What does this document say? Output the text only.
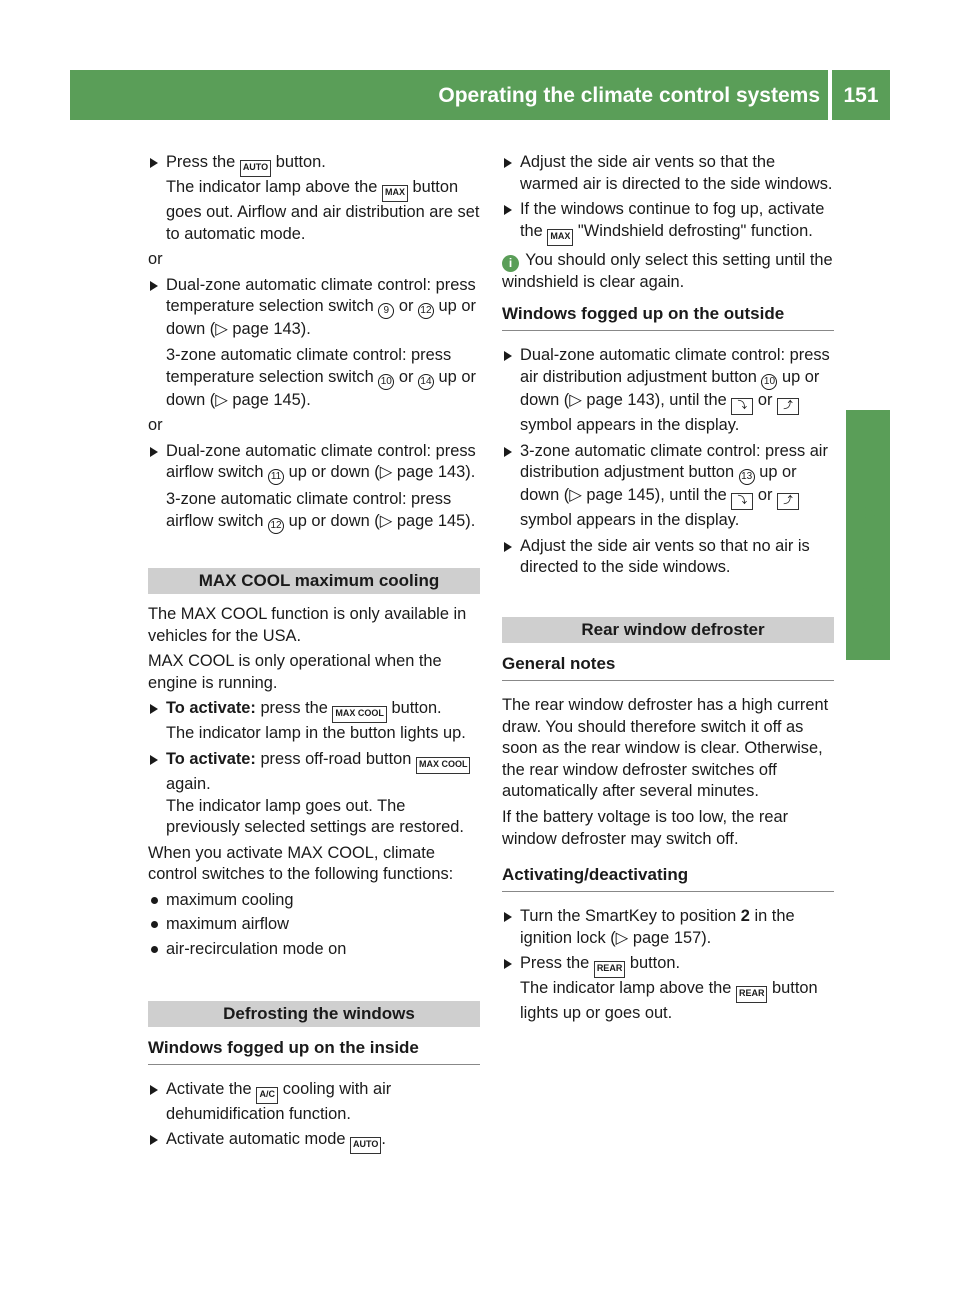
Operating the climate control systems	151
Climate control
Press the AUTO button.
The indicator lamp above the MAX button goes out. Airflow and air distribution are set to automatic mode.
or
Dual-zone automatic climate control: press temperature selection switch 9 or 12 up or down (▷ page 143).
3-zone automatic climate control: press temperature selection switch 10 or 14 up or down (▷ page 145).
or
Dual-zone automatic climate control: press airflow switch 11 up or down (▷ page 143).
3-zone automatic climate control: press airflow switch 12 up or down (▷ page 145).
MAX COOL maximum cooling

The MAX COOL function is only available in vehicles for the USA.

MAX COOL is only operational when the engine is running.

To activate: press the MAX COOL button.
The indicator lamp in the button lights up.
To activate: press off-road button MAX COOL again.
The indicator lamp goes out. The previously selected settings are restored.

When you activate MAX COOL, climate control switches to the following functions:

maximum cooling
maximum airflow
air-recirculation mode on
Defrosting the windows
Windows fogged up on the inside
Activate the A/C cooling with air dehumidification function.
Activate automatic mode AUTO .
Adjust the side air vents so that the warmed air is directed to the side windows.
If the windows continue to fog up, activate the MAX "Windshield defrosting" function.
i You should only select this setting until the windshield is clear again.
Windows fogged up on the outside
Dual-zone automatic climate control: press air distribution adjustment button 10 up or down (▷ page 143), until the ⤵ or ⤴ symbol appears in the display.
3-zone automatic climate control: press air distribution adjustment button 13 up or down (▷ page 145), until the ⤵ or ⤴ symbol appears in the display.
Adjust the side air vents so that no air is directed to the side windows.
Rear window defroster
General notes

The rear window defroster has a high current draw. You should therefore switch it off as soon as the rear window is clear. Otherwise, the rear window defroster switches off automatically after several minutes.

If the battery voltage is too low, the rear window defroster may switch off.

Activating/deactivating
Turn the SmartKey to position 2 in the ignition lock (▷ page 157).
Press the REAR button.
The indicator lamp above the REAR button lights up or goes out.
